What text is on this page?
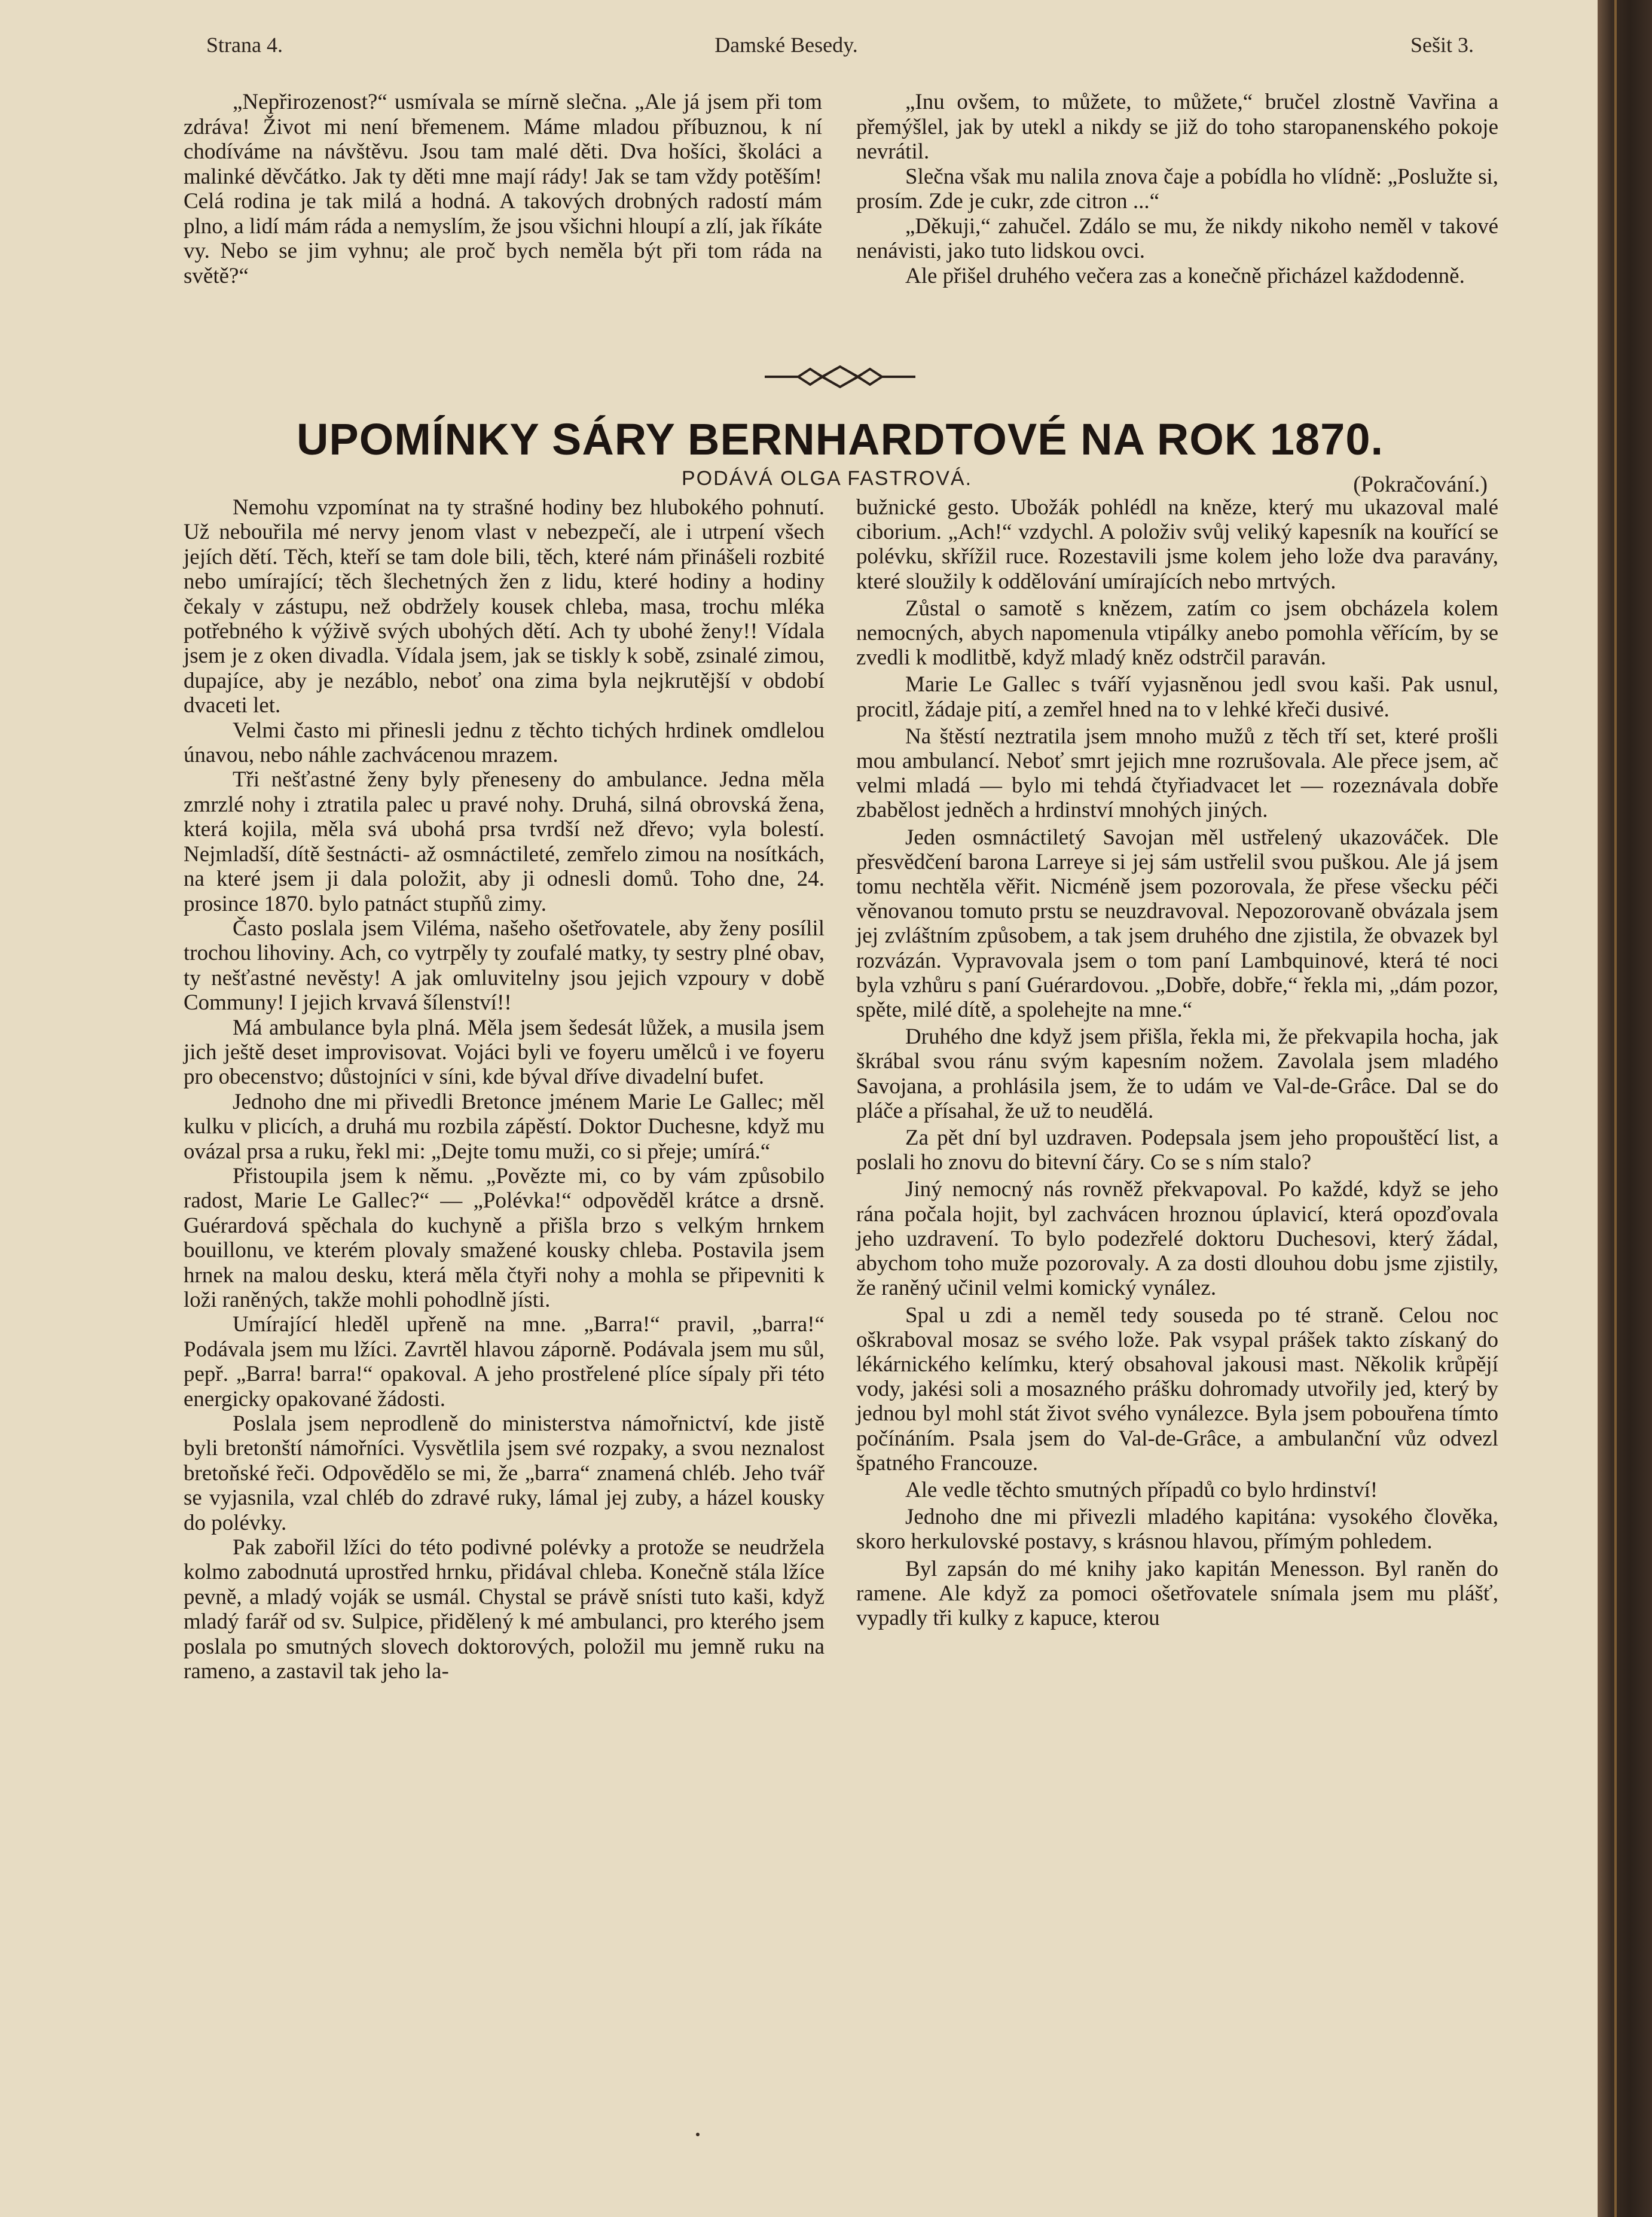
Strana 4.	Damské Besedy.	Sešit 3.

„Nepřirozenost?“ usmívala se mírně slečna. „Ale já jsem při tom zdráva! Život mi není břemenem. Máme mladou příbuznou, k ní chodíváme na návštěvu. Jsou tam malé děti. Dva hošíci, školáci a malinké děvčátko. Jak ty děti mne mají rády! Jak se tam vždy potěším! Celá rodina je tak milá a hodná. A takových drobných radostí mám plno, a lidí mám ráda a nemyslím, že jsou všichni hloupí a zlí, jak říkáte vy. Nebo se jim vyhnu; ale proč bych neměla být při tom ráda na světě?“

„Inu ovšem, to můžete, to můžete,“ bručel zlostně Vavřina a přemýšlel, jak by utekl a nikdy se již do toho staropanenského pokoje nevrátil.

Slečna však mu nalila znova čaje a pobídla ho vlídně: „Poslužte si, prosím. Zde je cukr, zde citron ...“

„Děkuji,“ zahučel. Zdálo se mu, že nikdy nikoho neměl v takové nenávisti, jako tuto lidskou ovci.

Ale přišel druhého večera zas a konečně přicházel každodenně.

UPOMÍNKY SÁRY BERNHARDTOVÉ NA ROK 1870.
PODÁVÁ OLGA FASTROVÁ.	(Pokračování.)

Nemohu vzpomínat na ty strašné hodiny bez hlubokého pohnutí. Už nebouřila mé nervy jenom vlast v nebezpečí, ale i utrpení všech jejích dětí. Těch, kteří se tam dole bili, těch, které nám přinášeli rozbité nebo umírající; těch šlechetných žen z lidu, které hodiny a hodiny čekaly v zástupu, než obdržely kousek chleba, masa, trochu mléka potřebného k výživě svých ubohých dětí. Ach ty ubohé ženy!! Vídala jsem je z oken divadla. Vídala jsem, jak se tiskly k sobě, zsinalé zimou, dupajíce, aby je nezáblo, neboť ona zima byla nejkrutější v období dvaceti let.

Velmi často mi přinesli jednu z těchto tichých hrdinek omdlelou únavou, nebo náhle zachvácenou mrazem.

Tři nešťastné ženy byly přeneseny do ambulance. Jedna měla zmrzlé nohy i ztratila palec u pravé nohy. Druhá, silná obrovská žena, která kojila, měla svá ubohá prsa tvrdší než dřevo; vyla bolestí. Nejmladší, dítě šestnácti- až osmnáctileté, zemřelo zimou na nosítkách, na které jsem ji dala položit, aby ji odnesli domů. Toho dne, 24. prosince 1870. bylo patnáct stupňů zimy.

Často poslala jsem Viléma, našeho ošetřovatele, aby ženy posílil trochou lihoviny. Ach, co vytrpěly ty zoufalé matky, ty sestry plné obav, ty nešťastné nevěsty! A jak omluvitelny jsou jejich vzpoury v době Communy! I jejich krvavá šílenství!!

Má ambulance byla plná. Měla jsem šedesát lůžek, a musila jsem jich ještě deset improvisovat. Vojáci byli ve foyeru umělců i ve foyeru pro obecenstvo; důstojníci v síni, kde býval dříve divadelní bufet.

Jednoho dne mi přivedli Bretonce jménem Marie Le Gallec; měl kulku v plicích, a druhá mu rozbila zápěstí. Doktor Duchesne, když mu ovázal prsa a ruku, řekl mi: „Dejte tomu muži, co si přeje; umírá.“

Přistoupila jsem k němu. „Povězte mi, co by vám způsobilo radost, Marie Le Gallec?“ — „Polévka!“ odpověděl krátce a drsně. Guérardová spěchala do kuchyně a přišla brzo s velkým hrnkem bouillonu, ve kterém plovaly smažené kousky chleba. Postavila jsem hrnek na malou desku, která měla čtyři nohy a mohla se připevniti k loži raněných, takže mohli pohodlně jísti.

Umírající hleděl upřeně na mne. „Barra!“ pravil, „barra!“ Podávala jsem mu lžíci. Zavrtěl hlavou záporně. Podávala jsem mu sůl, pepř. „Barra! barra!“ opakoval. A jeho prostřelené plíce sípaly při této energicky opakované žádosti.

Poslala jsem neprodleně do ministerstva námořnictví, kde jistě byli bretonští námořníci. Vysvětlila jsem své rozpaky, a svou neznalost bretoňské řeči. Odpovědělo se mi, že „barra“ znamená chléb. Jeho tvář se vyjasnila, vzal chléb do zdravé ruky, lámal jej zuby, a házel kousky do polévky.

Pak zabořil lžíci do této podivné polévky a protože se neudržela kolmo zabodnutá uprostřed hrnku, přidával chleba. Konečně stála lžíce pevně, a mladý voják se usmál. Chystal se právě snísti tuto kaši, když mladý farář od sv. Sulpice, přidělený k mé ambulanci, pro kterého jsem poslala po smutných slovech doktorových, položil mu jemně ruku na rameno, a zastavil tak jeho la-

bužnické gesto. Ubožák pohlédl na kněze, který mu ukazoval malé ciborium. „Ach!“ vzdychl. A položiv svůj veliký kapesník na kouřící se polévku, skřížil ruce. Rozestavili jsme kolem jeho lože dva paravány, které sloužily k oddělování umírajících nebo mrtvých.

Zůstal o samotě s knězem, zatím co jsem obcházela kolem nemocných, abych napomenula vtipálky anebo pomohla věřícím, by se zvedli k modlitbě, když mladý kněz odstrčil paraván.

Marie Le Gallec s tváří vyjasněnou jedl svou kaši. Pak usnul, procitl, žádaje pití, a zemřel hned na to v lehké křeči dusivé.

Na štěstí neztratila jsem mnoho mužů z těch tří set, které prošli mou ambulancí. Neboť smrt jejich mne rozrušovala. Ale přece jsem, ač velmi mladá — bylo mi tehdá čtyřiadvacet let — rozeznávala dobře zbabělost jedněch a hrdinství mnohých jiných.

Jeden osmnáctiletý Savojan měl ustřelený ukazováček. Dle přesvědčení barona Larreye si jej sám ustřelil svou puškou. Ale já jsem tomu nechtěla věřit. Nicméně jsem pozorovala, že přese všecku péči věnovanou tomuto prstu se neuzdravoval. Nepozorovaně obvázala jsem jej zvláštním způsobem, a tak jsem druhého dne zjistila, že obvazek byl rozvázán. Vypravovala jsem o tom paní Lambquinové, která té noci byla vzhůru s paní Guérardovou. „Dobře, dobře,“ řekla mi, „dám pozor, spěte, milé dítě, a spolehejte na mne.“

Druhého dne když jsem přišla, řekla mi, že překvapila hocha, jak škrábal svou ránu svým kapesním nožem. Zavolala jsem mladého Savojana, a prohlásila jsem, že to udám ve Val-de-Grâce. Dal se do pláče a přísahal, že už to neudělá.

Za pět dní byl uzdraven. Podepsala jsem jeho propouštěcí list, a poslali ho znovu do bitevní čáry. Co se s ním stalo?

Jiný nemocný nás rovněž překvapoval. Po každé, když se jeho rána počala hojit, byl zachvácen hroznou úplavicí, která opozďovala jeho uzdravení. To bylo podezřelé doktoru Duchesovi, který žádal, abychom toho muže pozorovaly. A za dosti dlouhou dobu jsme zjistily, že raněný učinil velmi komický vynález.

Spal u zdi a neměl tedy souseda po té straně. Celou noc oškraboval mosaz se svého lože. Pak vsypal prášek takto získaný do lékárnického kelímku, který obsahoval jakousi mast. Několik krůpějí vody, jakési soli a mosazného prášku dohromady utvořily jed, který by jednou byl mohl stát život svého vynálezce. Byla jsem pobouřena tímto počínáním. Psala jsem do Val-de-Grâce, a ambulanční vůz odvezl špatného Francouze.

Ale vedle těchto smutných případů co bylo hrdinství!

Jednoho dne mi přivezli mladého kapitána: vysokého člověka, skoro herkulovské postavy, s krásnou hlavou, přímým pohledem.

Byl zapsán do mé knihy jako kapitán Menesson. Byl raněn do ramene. Ale když za pomoci ošetřovatele snímala jsem mu plášť, vypadly tři kulky z kapuce, kterou
